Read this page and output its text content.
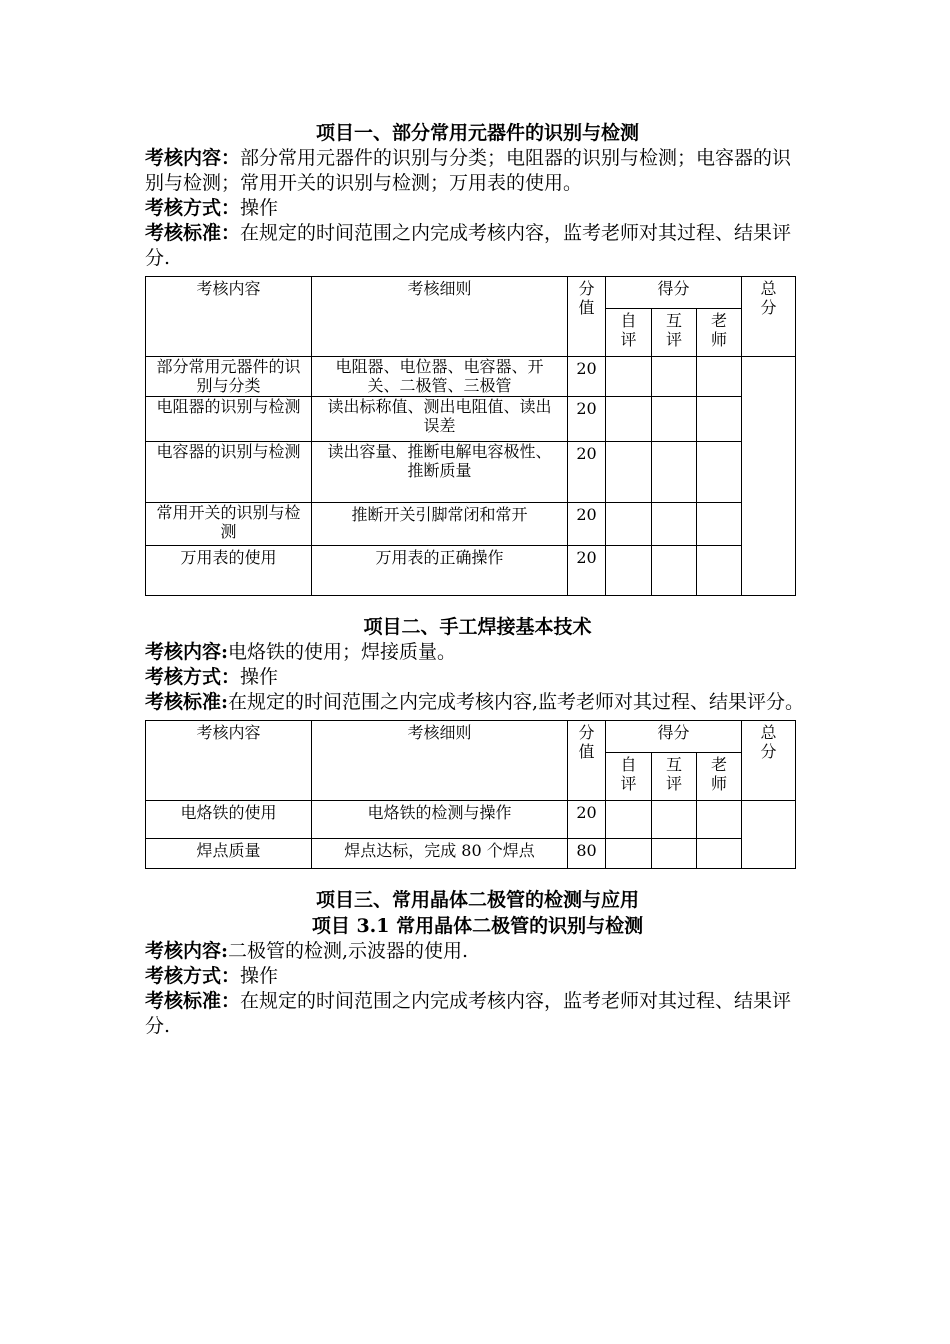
项目一、部分常用元器件的识别与检测
考核内容：部分常用元器件的识别与分类；电阻器的识别与检测；电容器的识别与检测；常用开关的识别与检测；万用表的使用。
考核方式：操作
考核标准：在规定的时间范围之内完成考核内容，监考老师对其过程、结果评分.
考核内容	考核细则	分值	得分			总分
			自评	互评	老师	
部分常用元器件的识别与分类	电阻器、电位器、电容器、开关、二极管、三极管	20				
电阻器的识别与检测	读出标称值、测出电阻值、读出误差	20				
电容器的识别与检测	读出容量、推断电解电容极性、推断质量	20				
常用开关的识别与检测	推断开关引脚常闭和常开	20				
万用表的使用	万用表的正确操作	20				
项目二、手工焊接基本技术
考核内容:电烙铁的使用；焊接质量。
考核方式：操作
考核标准:在规定的时间范围之内完成考核内容,监考老师对其过程、结果评分。
考核内容	考核细则	分值	得分			总分
			自评	互评	老师	
电烙铁的使用	电烙铁的检测与操作	20				
焊点质量	焊点达标，完成 80 个焊点	80				
项目三、常用晶体二极管的检测与应用
项目 3.1 常用晶体二极管的识别与检测
考核内容:二极管的检测,示波器的使用.
考核方式：操作
考核标准：在规定的时间范围之内完成考核内容，监考老师对其过程、结果评分.
